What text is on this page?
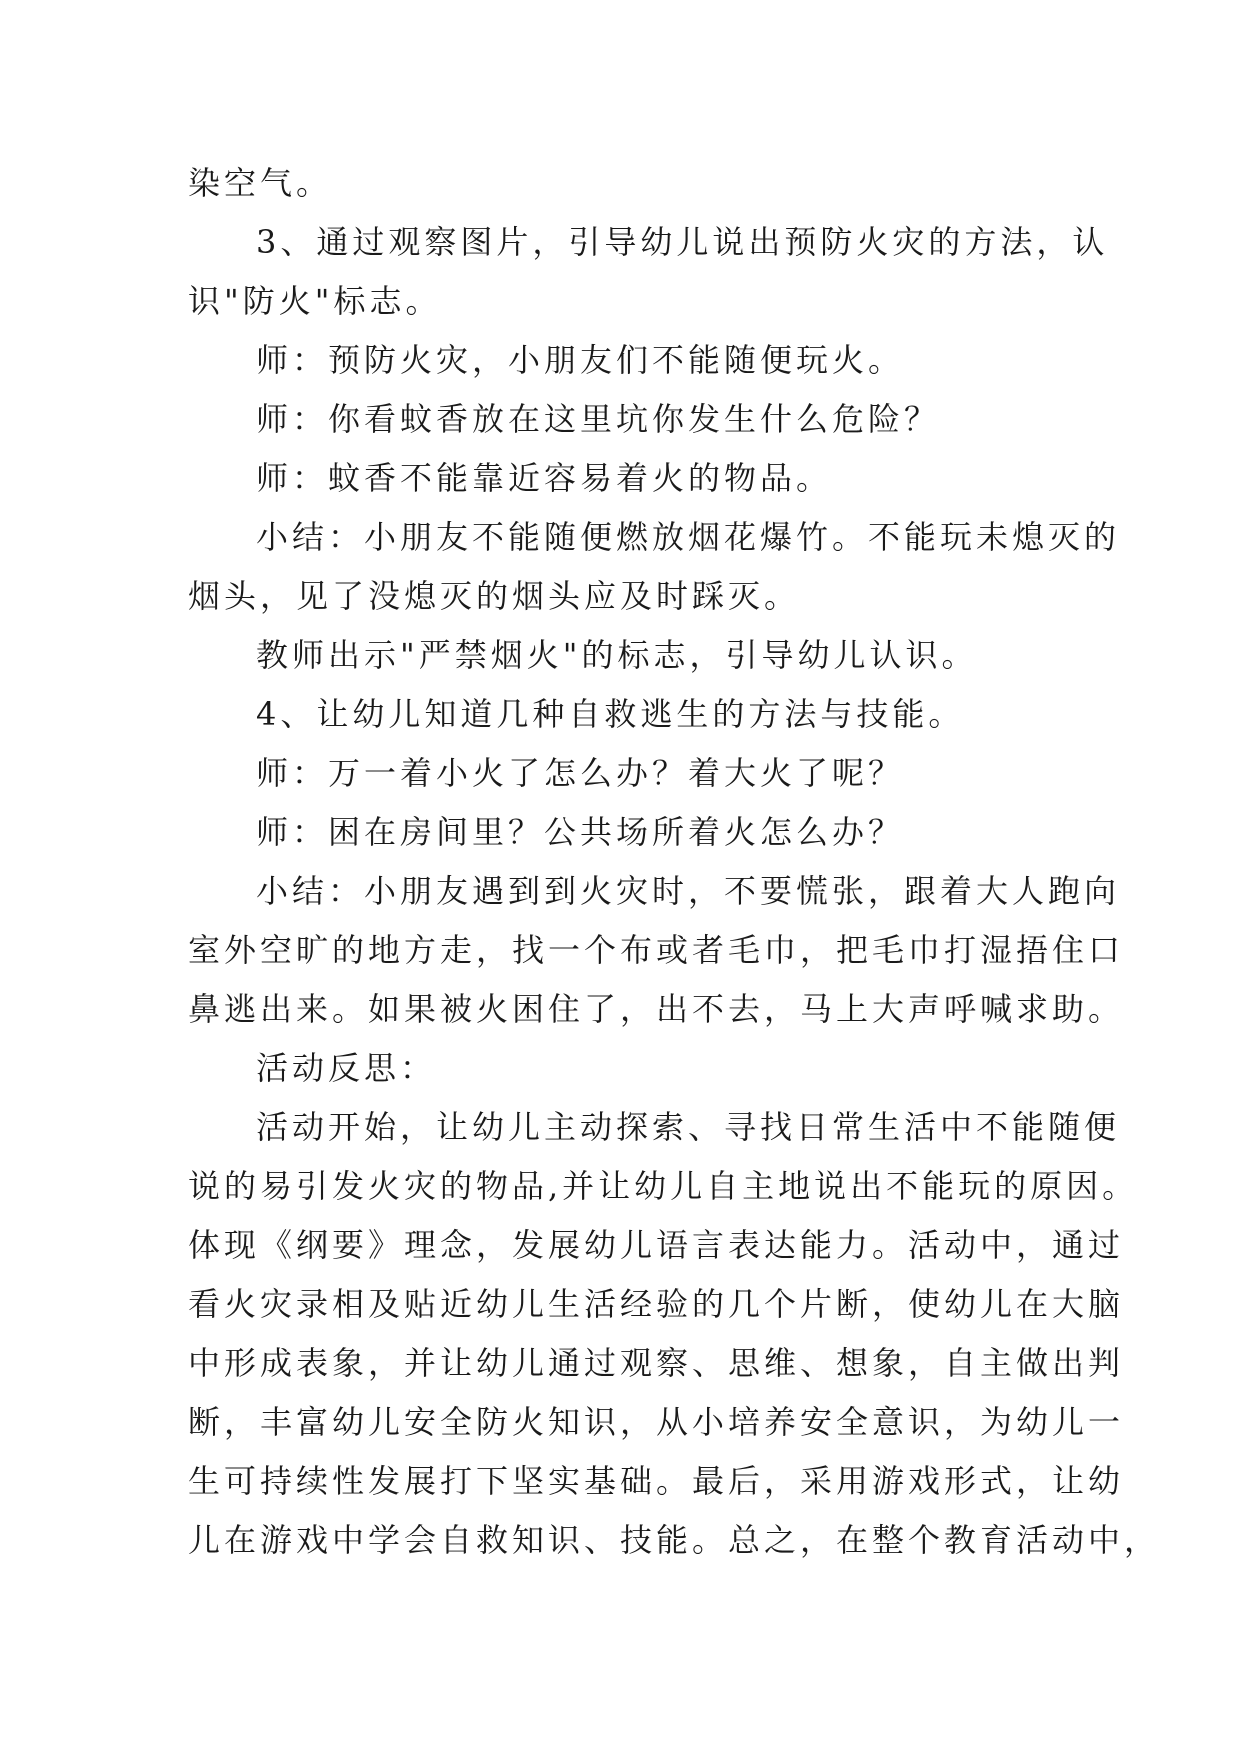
染空气。

3、通过观察图片，引导幼儿说出预防火灾的方法，认

识"防火"标志。

师：预防火灾，小朋友们不能随便玩火。

师：你看蚊香放在这里坑你发生什么危险？

师：蚊香不能靠近容易着火的物品。

小结：小朋友不能随便燃放烟花爆竹。不能玩未熄灭的

烟头，见了没熄灭的烟头应及时踩灭。

教师出示"严禁烟火"的标志，引导幼儿认识。

4、让幼儿知道几种自救逃生的方法与技能。

师：万一着小火了怎么办？着大火了呢？

师：困在房间里？公共场所着火怎么办？

小结：小朋友遇到到火灾时，不要慌张，跟着大人跑向

室外空旷的地方走，找一个布或者毛巾，把毛巾打湿捂住口

鼻逃出来。如果被火困住了，出不去，马上大声呼喊求助。

活动反思：

活动开始，让幼儿主动探索、寻找日常生活中不能随便

说的易引发火灾的物品,并让幼儿自主地说出不能玩的原因。

体现《纲要》理念，发展幼儿语言表达能力。活动中，通过

看火灾录相及贴近幼儿生活经验的几个片断，使幼儿在大脑

中形成表象，并让幼儿通过观察、思维、想象，自主做出判

断，丰富幼儿安全防火知识，从小培养安全意识，为幼儿一

生可持续性发展打下坚实基础。最后，采用游戏形式，让幼

儿在游戏中学会自救知识、技能。总之，在整个教育活动中，
